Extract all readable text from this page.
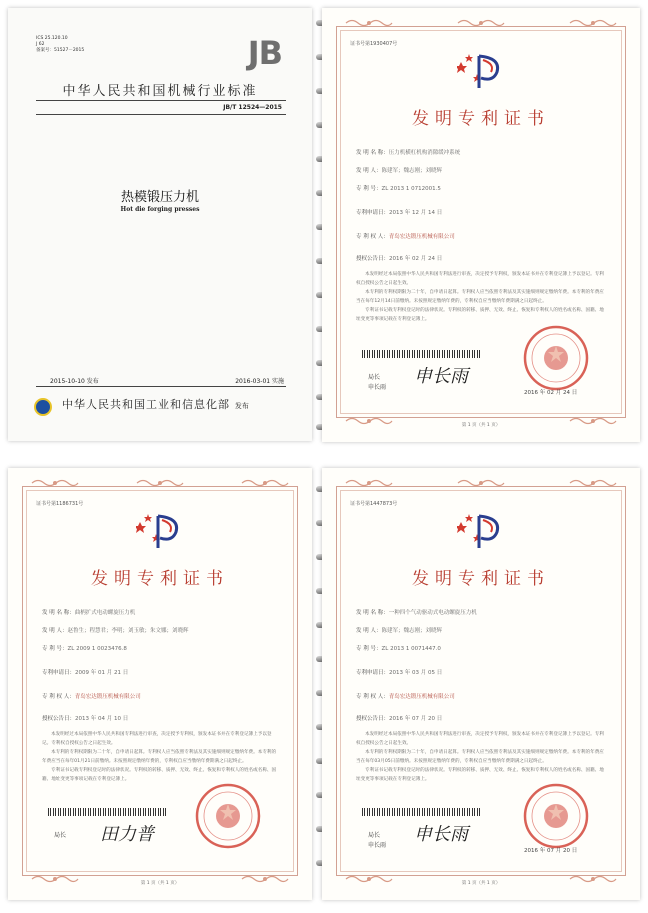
ICS 25.120.10
J 62
备案号：51527－2015	JB
中华人民共和国机械行业标准
JB/T 12524—2015
热模锻压力机
Hot die forging presses
2015-10-10 发布	2016-03-01 实施
中华人民共和国工业和信息化部 发布
证书号第1930407号
发明专利证书
发 明 名 称：压力机横杠机构消隙缓冲系统
发 明 人：陈建军；魏志刚；刘晓辉
专 利 号：ZL 2013 1 0712001.5
专利申请日：2013 年 12 月 14 日
专 利 权 人：青岛宏达锻压机械有限公司
授权公告日：2016 年 02 月 24 日

本发明经过本局依照中华人民共和国专利法进行审查，决定授予专利权，颁发本证书并在专利登记簿上予以登记。专利权自授权公告之日起生效。

本专利的专利权期限为二十年，自申请日起算。专利权人应当依照专利法及其实施细则规定缴纳年费。本专利的年费应当在每年12月14日前缴纳。未按照规定缴纳年费的，专利权自应当缴纳年费期满之日起终止。

专利证书记载专利权登记时的法律状况。专利权的转移、质押、无效、终止、恢复和专利权人的姓名或名称、国籍、地址变更等事项记载在专利登记簿上。

局长
申长雨
申长雨
2016 年 02 月 24 日
第 1 页（共 1 页）
证书号第1186731号
发明专利证书
发 明 名 称：曲柄扩式电动螺旋压力机
发 明 人：赵鲁生；程慧君；李明；刘玉敏；朱文娜；刘晓辉
专 利 号：ZL 2009 1 0023476.8
专利申请日：2009 年 01 月 21 日
专 利 权 人：青岛宏达锻压机械有限公司
授权公告日：2013 年 04 月 10 日

本发明经过本局依照中华人民共和国专利法进行审查，决定授予专利权，颁发本证书并在专利登记簿上予以登记。专利权自授权公告之日起生效。

本专利的专利权期限为二十年，自申请日起算。专利权人应当依照专利法及其实施细则规定缴纳年费。本专利的年费应当在每年01月21日前缴纳。未按照规定缴纳年费的，专利权自应当缴纳年费期满之日起终止。

专利证书记载专利权登记时的法律状况。专利权的转移、质押、无效、终止、恢复和专利权人的姓名或名称、国籍、地址变更等事项记载在专利登记簿上。

局长 田力普
第 1 页（共 1 页）
证书号第1447873号
发明专利证书
发 明 名 称：一种四个气动驱动式电动螺旋压力机
发 明 人：陈建军；魏志刚；刘晓辉
专 利 号：ZL 2013 1 0071447.0
专利申请日：2013 年 03 月 05 日
专 利 权 人：青岛宏达锻压机械有限公司
授权公告日：2016 年 07 月 20 日

本发明经过本局依照中华人民共和国专利法进行审查，决定授予专利权，颁发本证书并在专利登记簿上予以登记。专利权自授权公告之日起生效。

本专利的专利权期限为二十年，自申请日起算。专利权人应当依照专利法及其实施细则规定缴纳年费。本专利的年费应当在每年03月05日前缴纳。未按照规定缴纳年费的，专利权自应当缴纳年费期满之日起终止。

专利证书记载专利权登记时的法律状况。专利权的转移、质押、无效、终止、恢复和专利权人的姓名或名称、国籍、地址变更等事项记载在专利登记簿上。

局长
申长雨
申长雨
2016 年 07 月 20 日
第 1 页（共 1 页）
